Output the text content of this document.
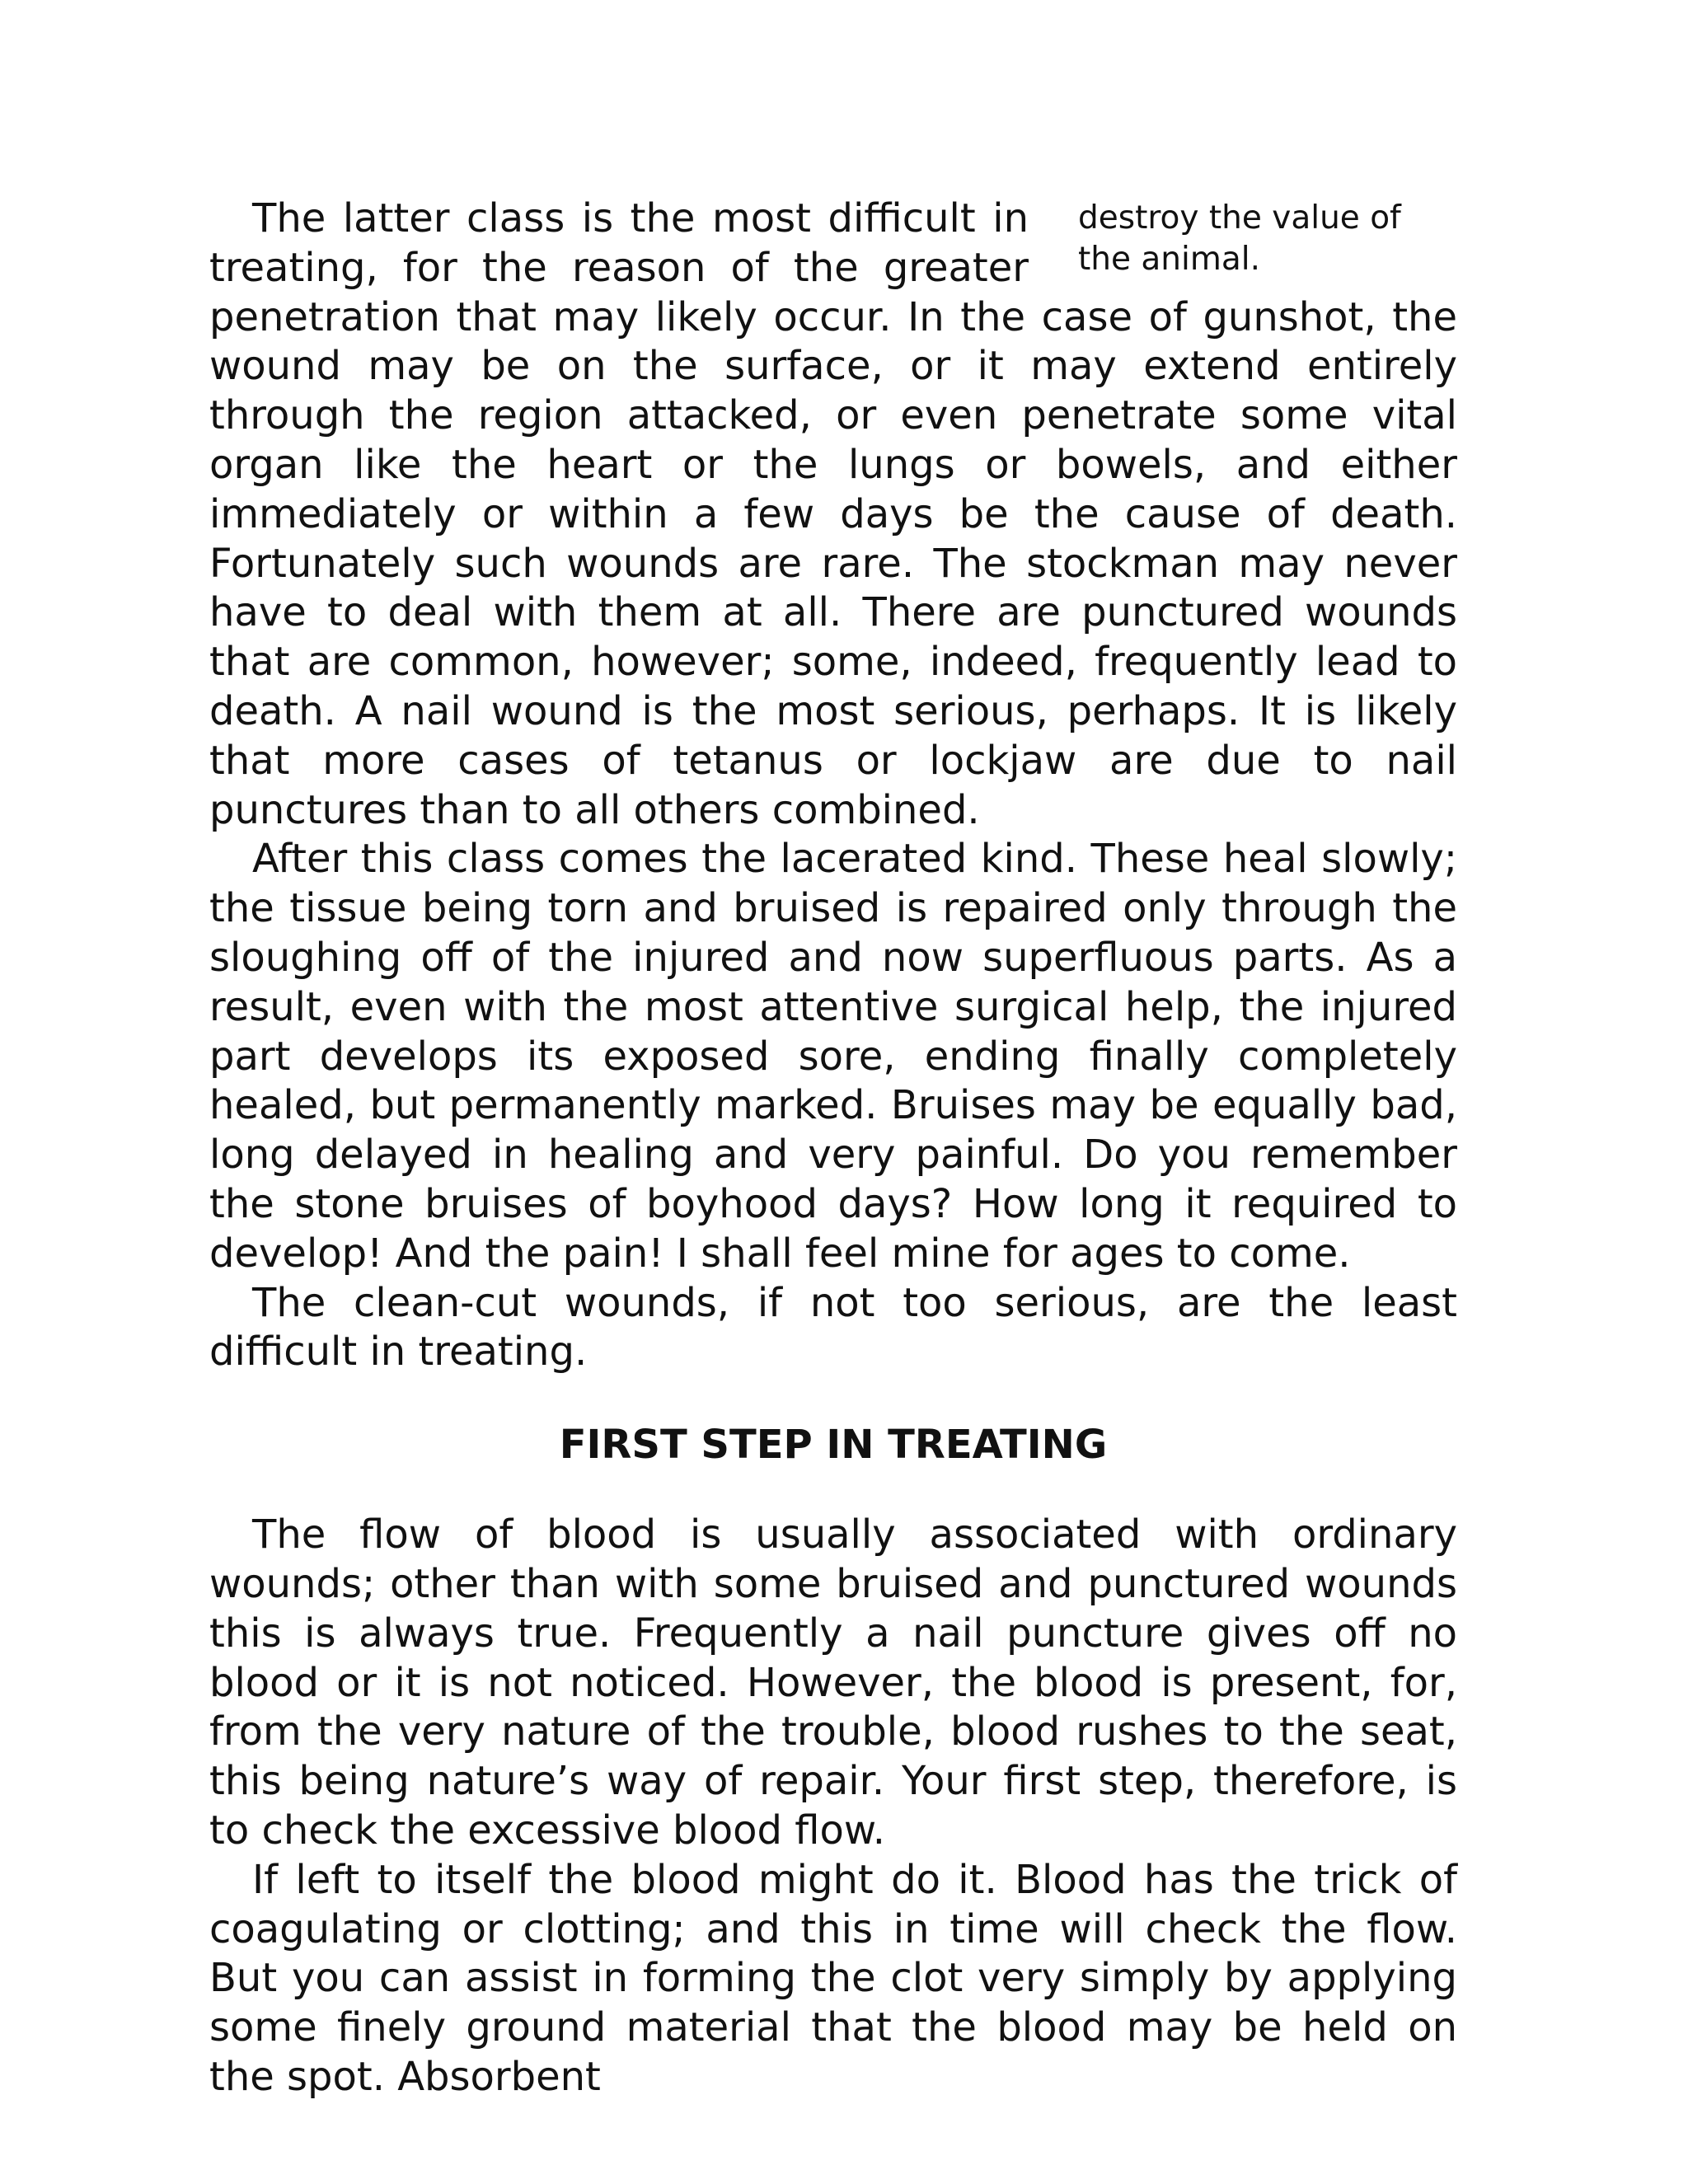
destroy the value of the animal.

The latter class is the most difficult in treating, for the reason of the greater penetration that may likely occur. In the case of gunshot, the wound may be on the surface, or it may extend entirely through the region attacked, or even penetrate some vital organ like the heart or the lungs or bowels, and either immediately or within a few days be the cause of death. Fortunately such wounds are rare. The stockman may never have to deal with them at all. There are punctured wounds that are common, however; some, indeed, frequently lead to death. A nail wound is the most serious, perhaps. It is likely that more cases of tetanus or lockjaw are due to nail punctures than to all others combined.

After this class comes the lacerated kind. These heal slowly; the tissue being torn and bruised is repaired only through the sloughing off of the injured and now superfluous parts. As a result, even with the most attentive surgical help, the injured part develops its exposed sore, ending finally completely healed, but permanently marked. Bruises may be equally bad, long delayed in healing and very painful. Do you remember the stone bruises of boyhood days? How long it required to develop! And the pain! I shall feel mine for ages to come.

The clean-cut wounds, if not too serious, are the least difficult in treating.

FIRST STEP IN TREATING

The flow of blood is usually associated with ordinary wounds; other than with some bruised and punctured wounds this is always true. Frequently a nail puncture gives off no blood or it is not noticed. However, the blood is present, for, from the very nature of the trouble, blood rushes to the seat, this being nature’s way of repair. Your first step, therefore, is to check the excessive blood flow.

If left to itself the blood might do it. Blood has the trick of coagulating or clotting; and this in time will check the flow. But you can assist in forming the clot very simply by applying some finely ground material that the blood may be held on the spot. Absorbent
